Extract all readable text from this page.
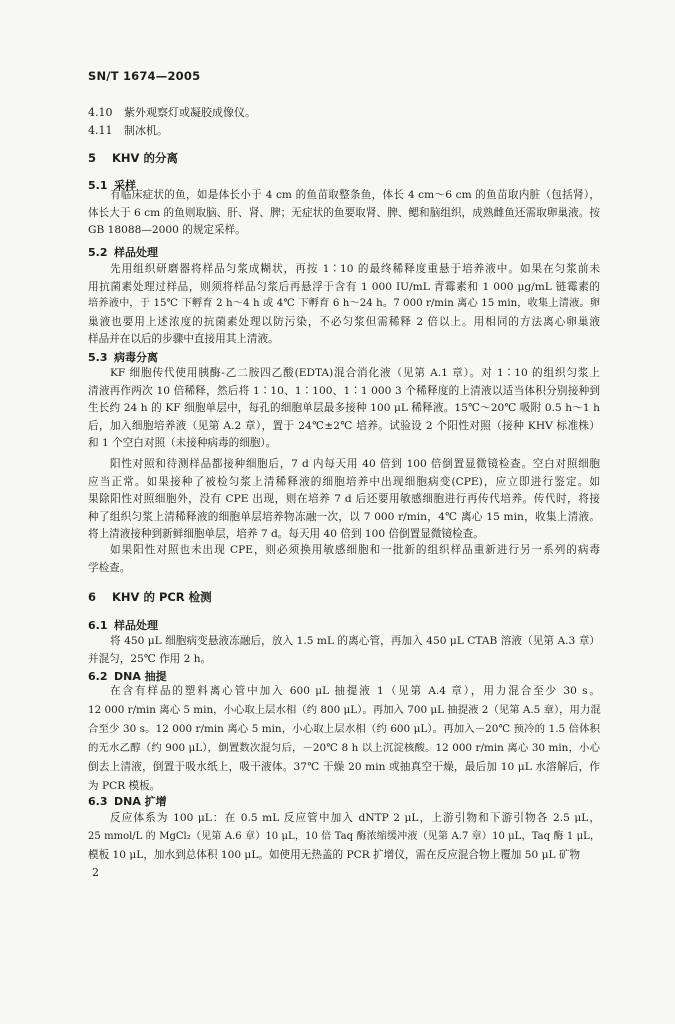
SN/T 1674—2005
4.10 紫外观察灯或凝胶成像仪。
4.11 制冰机。
5 KHV 的分离
5.1 采样
有临床症状的鱼，如是体长小于 4 cm 的鱼苗取整条鱼，体长 4 cm～6 cm 的鱼苗取内脏（包括肾），
体长大于 6 cm 的鱼则取脑、肝、肾、脾；无症状的鱼要取肾、脾、鳃和脑组织，成熟雌鱼还需取卵巢液。按
GB 18088—2000 的规定采样。
5.2 样品处理
先用组织研磨器将样品匀浆成糊状，再按 1∶10 的最终稀释度重悬于培养液中。如果在匀浆前未
用抗菌素处理过样品，则须将样品匀浆后再悬浮于含有 1 000 IU/mL 青霉素和 1 000 μg/mL 链霉素的
培养液中，于 15℃ 下孵育 2 h～4 h 或 4℃ 下孵育 6 h～24 h。7 000 r/min 离心 15 min，收集上清液。卵
巢液也要用上述浓度的抗菌素处理以防污染，不必匀浆但需稀释 2 倍以上。用相同的方法离心卵巢液
样品并在以后的步骤中直接用其上清液。
5.3 病毒分离
KF 细胞传代使用胰酶-乙二胺四乙酸(EDTA)混合消化液（见第 A.1 章）。对 1∶10 的组织匀浆上
清液再作两次 10 倍稀释，然后将 1∶10、1∶100、1∶1 000 3 个稀释度的上清液以适当体积分别接种到
生长约 24 h 的 KF 细胞单层中，每孔的细胞单层最多接种 100 μL 稀释液。15℃～20℃ 吸附 0.5 h～1 h
后，加入细胞培养液（见第 A.2 章），置于 24℃±2℃ 培养。试验设 2 个阳性对照（接种 KHV 标准株）
和 1 个空白对照（未接种病毒的细胞）。
阳性对照和待测样品都接种细胞后，7 d 内每天用 40 倍到 100 倍倒置显微镜检查。空白对照细胞
应当正常。如果接种了被检匀浆上清稀释液的细胞培养中出现细胞病变(CPE)，应立即进行鉴定。如
果除阳性对照细胞外，没有 CPE 出现，则在培养 7 d 后还要用敏感细胞进行再传代培养。传代时，将接
种了组织匀浆上清稀释液的细胞单层培养物冻融一次，以 7 000 r/min，4℃ 离心 15 min，收集上清液。
将上清液接种到新鲜细胞单层，培养 7 d。每天用 40 倍到 100 倍倒置显微镜检查。
如果阳性对照也未出现 CPE，则必须换用敏感细胞和一批新的组织样品重新进行另一系列的病毒
学检查。
6 KHV 的 PCR 检测
6.1 样品处理
将 450 μL 细胞病变悬液冻融后，放入 1.5 mL 的离心管，再加入 450 μL CTAB 溶液（见第 A.3 章）
并混匀，25℃ 作用 2 h。
6.2 DNA 抽提
在含有样品的塑料离心管中加入 600 μL 抽提液 1（见第 A.4 章），用力混合至少 30 s。
12 000 r/min 离心 5 min，小心取上层水相（约 800 μL）。再加入 700 μL 抽提液 2（见第 A.5 章），用力混
合至少 30 s。12 000 r/min 离心 5 min，小心取上层水相（约 600 μL）。再加入－20℃ 预冷的 1.5 倍体积
的无水乙醇（约 900 μL），倒置数次混匀后，－20℃ 8 h 以上沉淀核酸。12 000 r/min 离心 30 min，小心
倒去上清液，倒置于吸水纸上，吸干液体。37℃ 干燥 20 min 或抽真空干燥，最后加 10 μL 水溶解后，作
为 PCR 模板。
6.3 DNA 扩增
反应体系为 100 μL：在 0.5 mL 反应管中加入 dNTP 2 μL，上游引物和下游引物各 2.5 μL，
25 mmol/L 的 MgCl₂（见第 A.6 章）10 μL，10 倍 Taq 酶浓缩缓冲液（见第 A.7 章）10 μL，Taq 酶 1 μL，
模板 10 μL，加水到总体积 100 μL。如使用无热盖的 PCR 扩增仪，需在反应混合物上覆加 50 μL 矿物
2
